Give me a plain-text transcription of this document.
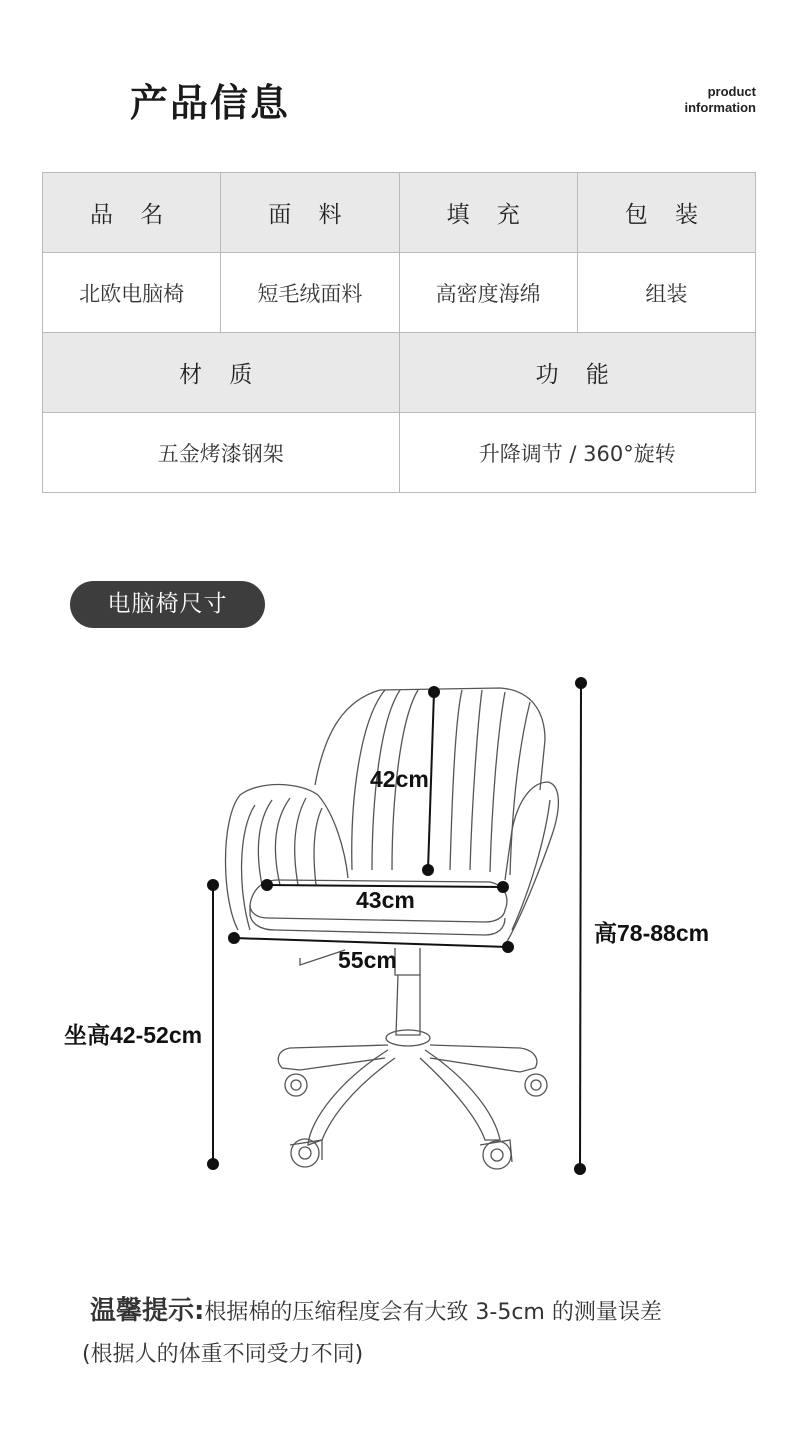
产品信息	product
information
品 名	面 料	填 充	包 装
北欧电脑椅	短毛绒面料	高密度海绵	组装
材 质		功 能	
五金烤漆钢架		升降调节 / 360°旋转	
电脑椅尺寸
42cm
43cm
55cm
高78-88cm
坐高42-52cm
温馨提示:根据棉的压缩程度会有大致 3-5cm 的测量误差
(根据人的体重不同受力不同)
